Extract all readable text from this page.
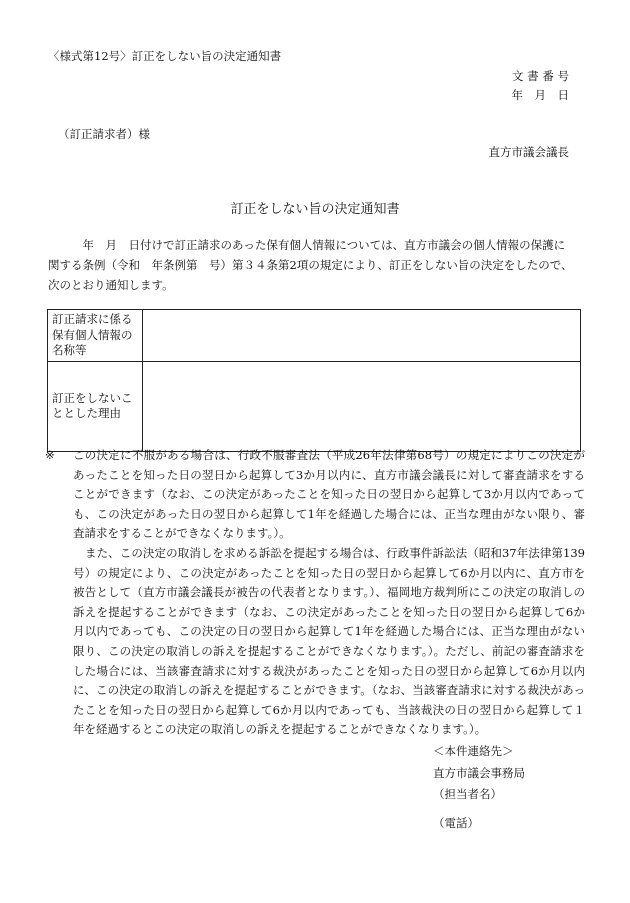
〈様式第12号〉訂正をしない旨の決定通知書
文 書 番 号
年　月　日
（訂正請求者）様
直方市議会議長
訂正をしない旨の決定通知書

　　　年　月　日付けで訂正請求のあった保有個人情報については、直方市議会の個人情報の保護に

関する条例（令和　年条例第　号）第３４条第2項の規定により、訂正をしない旨の決定をしたので、

次のとおり通知します。

訂正請求に係る
保有個人情報の
名称等	

訂正をしないこ
ととした理由	

※ この決定に不服がある場合は、行政不服審査法（平成26年法律第68号）の規定によりこの決定があったことを知った日の翌日から起算して3か月以内に、直方市議会議長に対して審査請求をすることができます（なお、この決定があったことを知った日の翌日から起算して3か月以内であっても、この決定があった日の翌日から起算して1年を経過した場合には、正当な理由がない限り、審査請求をすることができなくなります。）。

また、この決定の取消しを求める訴訟を提起する場合は、行政事件訴訟法（昭和37年法律第139号）の規定により、この決定があったことを知った日の翌日から起算して6か月以内に、直方市を被告として（直方市議会議長が被告の代表者となります。）、福岡地方裁判所にこの決定の取消しの訴えを提起することができます（なお、この決定があったことを知った日の翌日から起算して6か月以内であっても、この決定の日の翌日から起算して1年を経過した場合には、正当な理由がない限り、この決定の取消しの訴えを提起することができなくなります。）。ただし、前記の審査請求をした場合には、当該審査請求に対する裁決があったことを知った日の翌日から起算して6か月以内に、この決定の取消しの訴えを提起することができます。（なお、当該審査請求に対する裁決があったことを知った日の翌日から起算して6か月以内であっても、当該裁決の日の翌日から起算して１年を経過するとこの決定の取消しの訴えを提起することができなくなります。）。

＜本件連絡先＞
直方市議会事務局
（担当者名）
（電話）
